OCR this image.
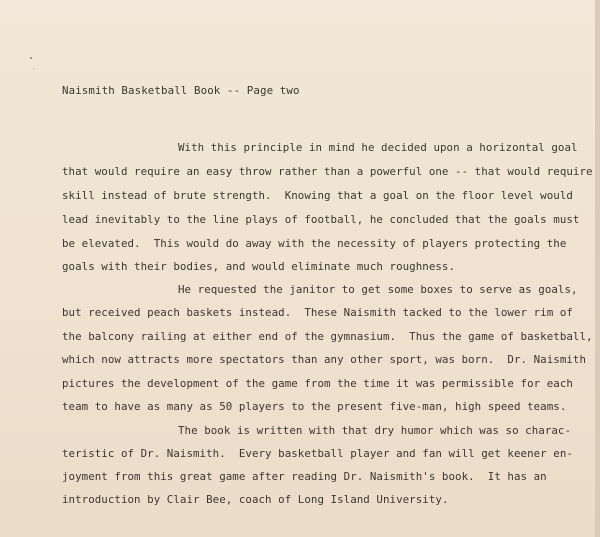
Naismith Basketball Book -- Page two
With this principle in mind he decided upon a horizontal goal
that would require an easy throw rather than a powerful one -- that would require
skill instead of brute strength.  Knowing that a goal on the floor level would
lead inevitably to the line plays of football, he concluded that the goals must
be elevated.  This would do away with the necessity of players protecting the
goals with their bodies, and would eliminate much roughness.
He requested the janitor to get some boxes to serve as goals,
but received peach baskets instead.  These Naismith tacked to the lower rim of
the balcony railing at either end of the gymnasium.  Thus the game of basketball,
which now attracts more spectators than any other sport, was born.  Dr. Naismith
pictures the development of the game from the time it was permissible for each
team to have as many as 50 players to the present five-man, high speed teams.
The book is written with that dry humor which was so charac-
teristic of Dr. Naismith.  Every basketball player and fan will get keener en-
joyment from this great game after reading Dr. Naismith's book.  It has an
introduction by Clair Bee, coach of Long Island University.
